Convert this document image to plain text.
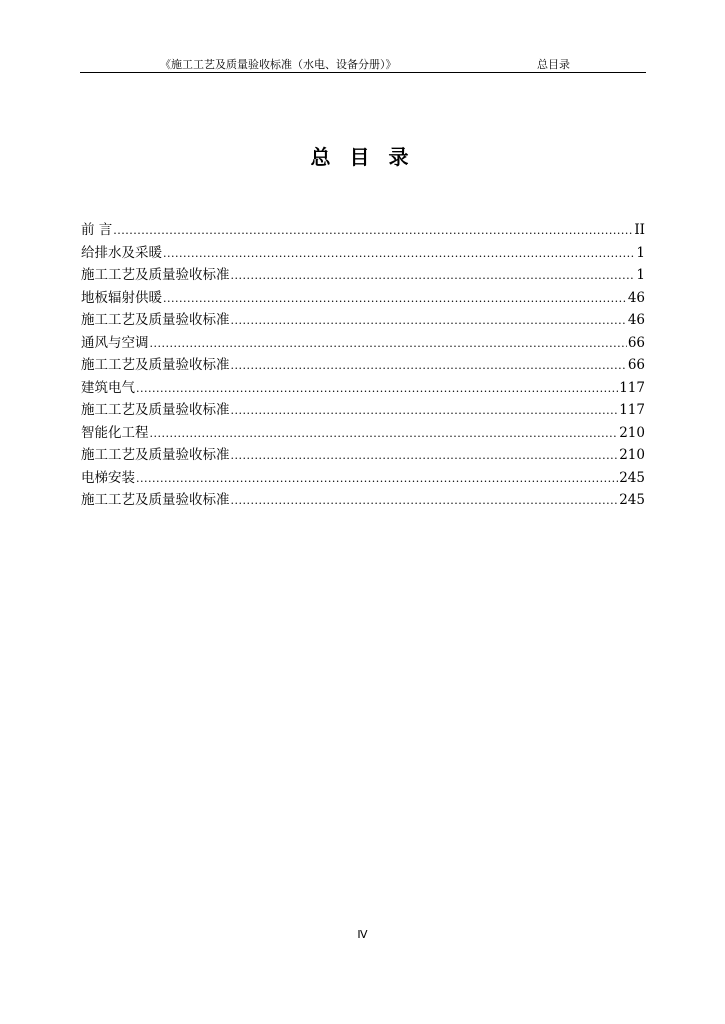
《施工工艺及质量验收标准（水电、设备分册）》	总目录
总 目 录
前 言 .....	II
给排水及采暖 .....	1
施工工艺及质量验收标准 .....	1
地板辐射供暖 .....	46
施工工艺及质量验收标准 .....	46
通风与空调 .....	66
施工工艺及质量验收标准 .....	66
建筑电气 .....	117
施工工艺及质量验收标准 .....	117
智能化工程 .....	210
施工工艺及质量验收标准 .....	210
电梯安装 .....	245
施工工艺及质量验收标准 .....	245
Ⅳ
